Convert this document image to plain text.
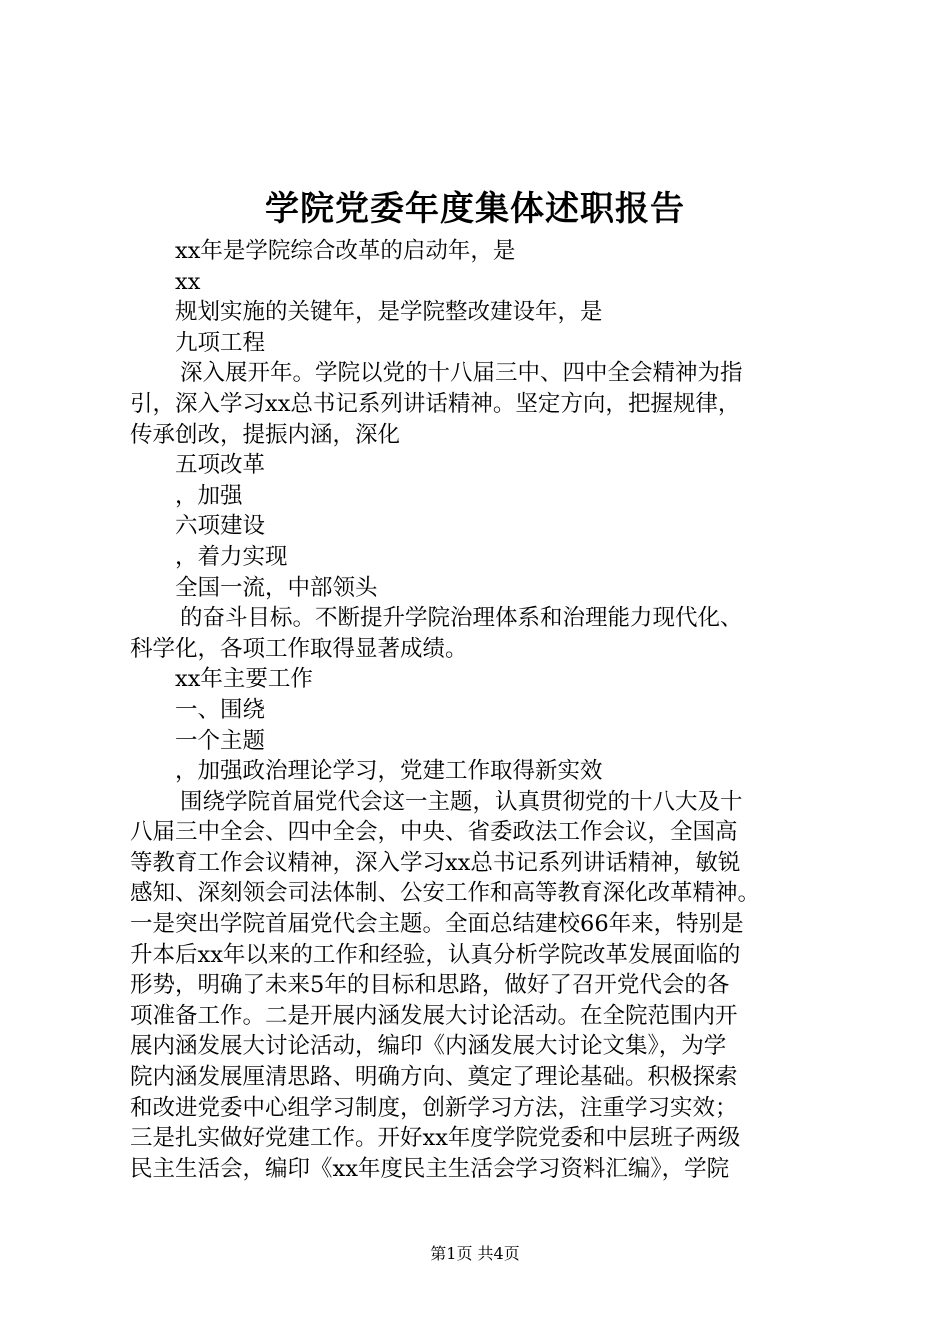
学院党委年度集体述职报告
xx年是学院综合改革的启动年，是
xx
规划实施的关键年，是学院整改建设年，是
九项工程
深入展开年。学院以党的十八届三中、四中全会精神为指
引，深入学习xx总书记系列讲话精神。坚定方向，把握规律，
传承创改，提振内涵，深化
五项改革
，加强
六项建设
，着力实现
全国一流，中部领头
的奋斗目标。不断提升学院治理体系和治理能力现代化、
科学化，各项工作取得显著成绩。
xx年主要工作
一、围绕
一个主题
，加强政治理论学习，党建工作取得新实效
围绕学院首届党代会这一主题，认真贯彻党的十八大及十
八届三中全会、四中全会，中央、省委政法工作会议，全国高
等教育工作会议精神，深入学习xx总书记系列讲话精神，敏锐
感知、深刻领会司法体制、公安工作和高等教育深化改革精神。
一是突出学院首届党代会主题。全面总结建校66年来，特别是
升本后xx年以来的工作和经验，认真分析学院改革发展面临的
形势，明确了未来5年的目标和思路，做好了召开党代会的各
项准备工作。二是开展内涵发展大讨论活动。在全院范围内开
展内涵发展大讨论活动，编印《内涵发展大讨论文集》，为学
院内涵发展厘清思路、明确方向、奠定了理论基础。积极探索
和改进党委中心组学习制度，创新学习方法，注重学习实效；
三是扎实做好党建工作。开好xx年度学院党委和中层班子两级
民主生活会，编印《xx年度民主生活会学习资料汇编》，学院
第1页 共4页
